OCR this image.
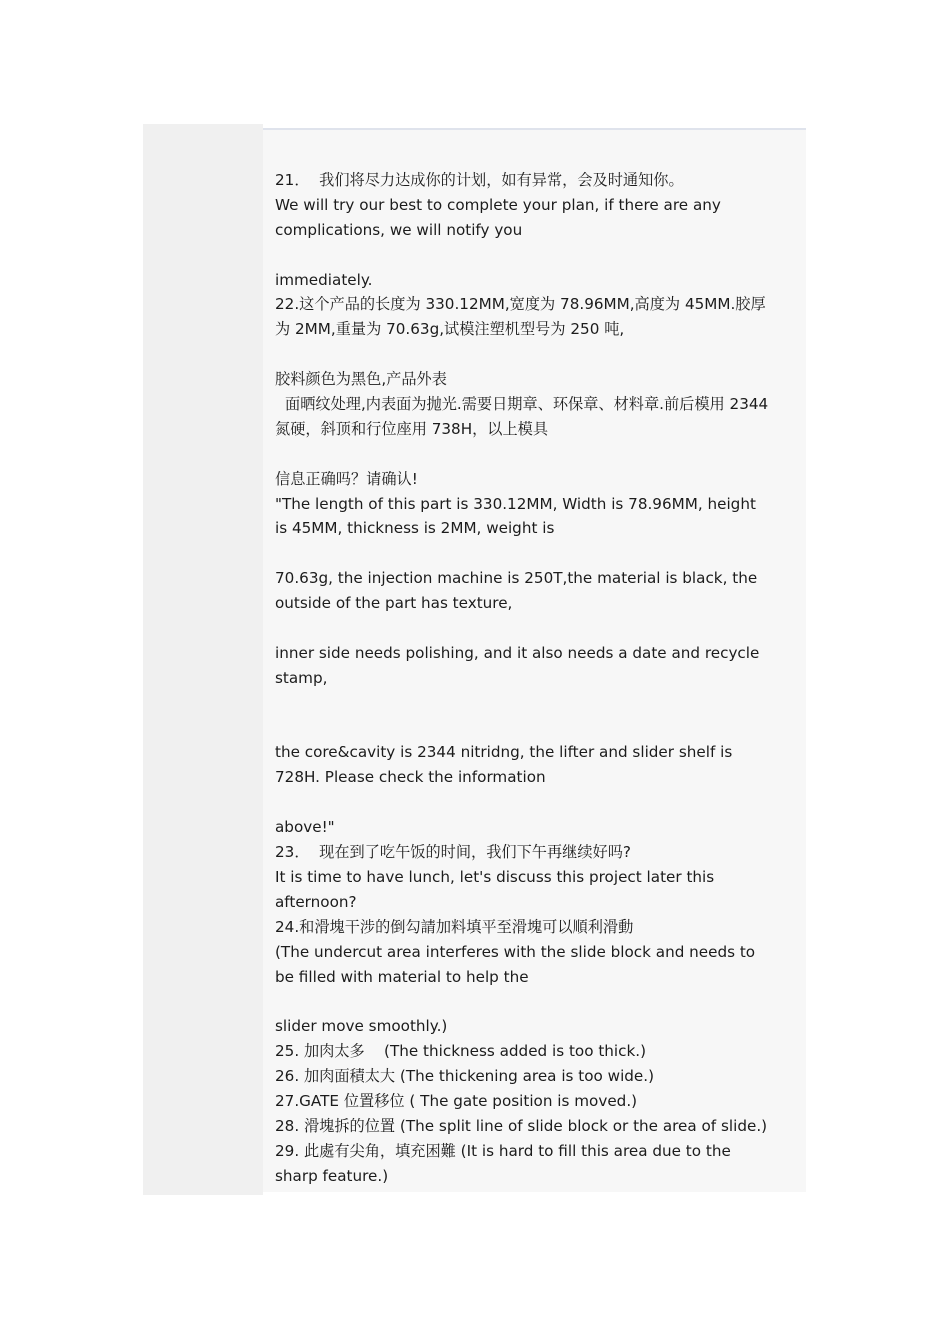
21．  我们将尽力达成你的计划，如有异常，会及时通知你。
We will try our best to complete your plan, if there are any
complications, we will notify you
immediately.
22.这个产品的长度为 330.12MM,宽度为 78.96MM,高度为 45MM.胶厚
为 2MM,重量为 70.63g,试模注塑机型号为 250 吨,
胶料颜色为黑色,产品外表
面晒纹处理,内表面为抛光.需要日期章、环保章、材料章.前后模用 2344
氮硬，斜顶和行位座用 738H，以上模具
信息正确吗？请确认!
"The length of this part is 330.12MM, Width is 78.96MM, height
is 45MM, thickness is 2MM, weight is
70.63g, the injection machine is 250T,the material is black, the
outside of the part has texture,
inner side needs polishing, and it also needs a date and recycle
stamp,
the core&cavity is 2344 nitridng, the lifter and slider shelf is
728H. Please check the information
above!"
23．  现在到了吃午饭的时间，我们下午再继续好吗?
It is time to have lunch, let's discuss this project later this
afternoon?
24.和滑塊干涉的倒勾請加料填平至滑塊可以順利滑動
(The undercut area interferes with the slide block and needs to
be filled with material to help the
slider move smoothly.)
25. 加肉太多    (The thickness added is too thick.)
26. 加肉面積太大 (The thickening area is too wide.)
27.GATE 位置移位 ( The gate position is moved.)
28. 滑塊拆的位置 (The split line of slide block or the area of slide.)
29. 此處有尖角，填充困難 (It is hard to fill this area due to the
sharp feature.)
